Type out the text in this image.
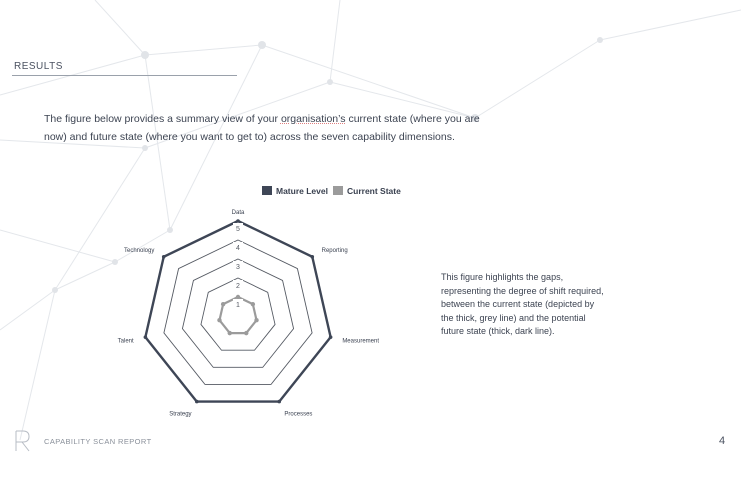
RESULTS
The figure below provides a summary view of your organisation’s current state (where you are now) and future state (where you want to get to) across the seven capability dimensions.
Mature Level Current State
1
2
3
4
5
Data
Reporting
Measurement
Processes
Strategy
Talent
Technology
This figure highlights the gaps, representing the degree of shift required, between the current state (depicted by the thick, grey line) and the potential future state (thick, dark line).
CAPABILITY SCAN REPORT	4
